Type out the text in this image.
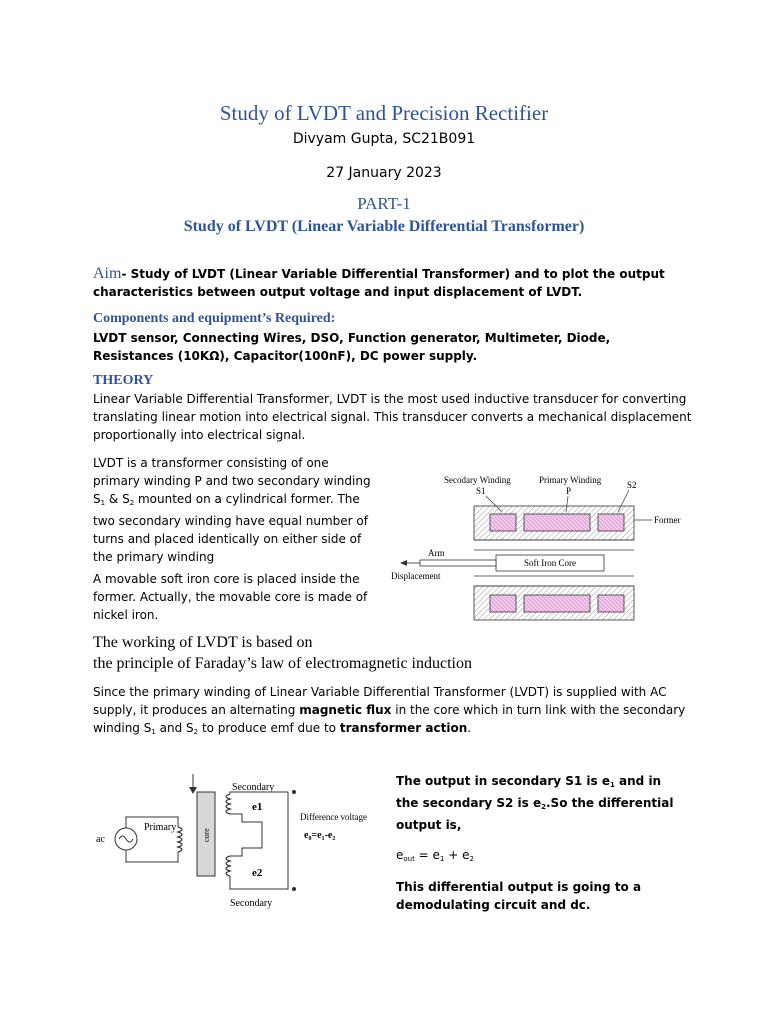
Study of LVDT and Precision Rectifier
Divyam Gupta, SC21B091
27 January 2023
PART-1
Study of LVDT (Linear Variable Differential Transformer)
Aim- Study of LVDT (Linear Variable Differential Transformer) and to plot the output characteristics between output voltage and input displacement of LVDT.
Components and equipment’s Required:
LVDT sensor, Connecting Wires, DSO, Function generator, Multimeter, Diode, Resistances (10KΩ), Capacitor(100nF), DC power supply.
THEORY
Linear Variable Differential Transformer, LVDT is the most used inductive transducer for converting translating linear motion into electrical signal. This transducer converts a mechanical displacement proportionally into electrical signal.
LVDT is a transformer consisting of one primary winding P and two secondary winding $S_1$ & $S_2$ mounted on a cylindrical former. The two secondary winding have equal number of turns and placed identically on either side of the primary winding
A movable soft iron core is placed inside the former. Actually, the movable core is made of nickel iron.
Secodary Winding	Primary Winding
S1	P
S2
Former
Soft Iron Core
Arm
Displacement
The working of LVDT is based on
the principle of Faraday’s law of electromagnetic induction
Since the primary winding of Linear Variable Differential Transformer (LVDT) is supplied with AC supply, it produces an alternating magnetic flux in the core which in turn link with the secondary winding $S_1$ and $S_2$ to produce emf due to transformer action.
ac
Primary
core
Secondary
e1
e2
Difference voltage
e₀=e₁-e₂
Secondary
The output in secondary S1 is $e_1$ and in the secondary S2 is $e_2.So$ the differential output is,
$e_{out} = e_1 + e_2$
This differential output is going to a demodulating circuit and dc.
